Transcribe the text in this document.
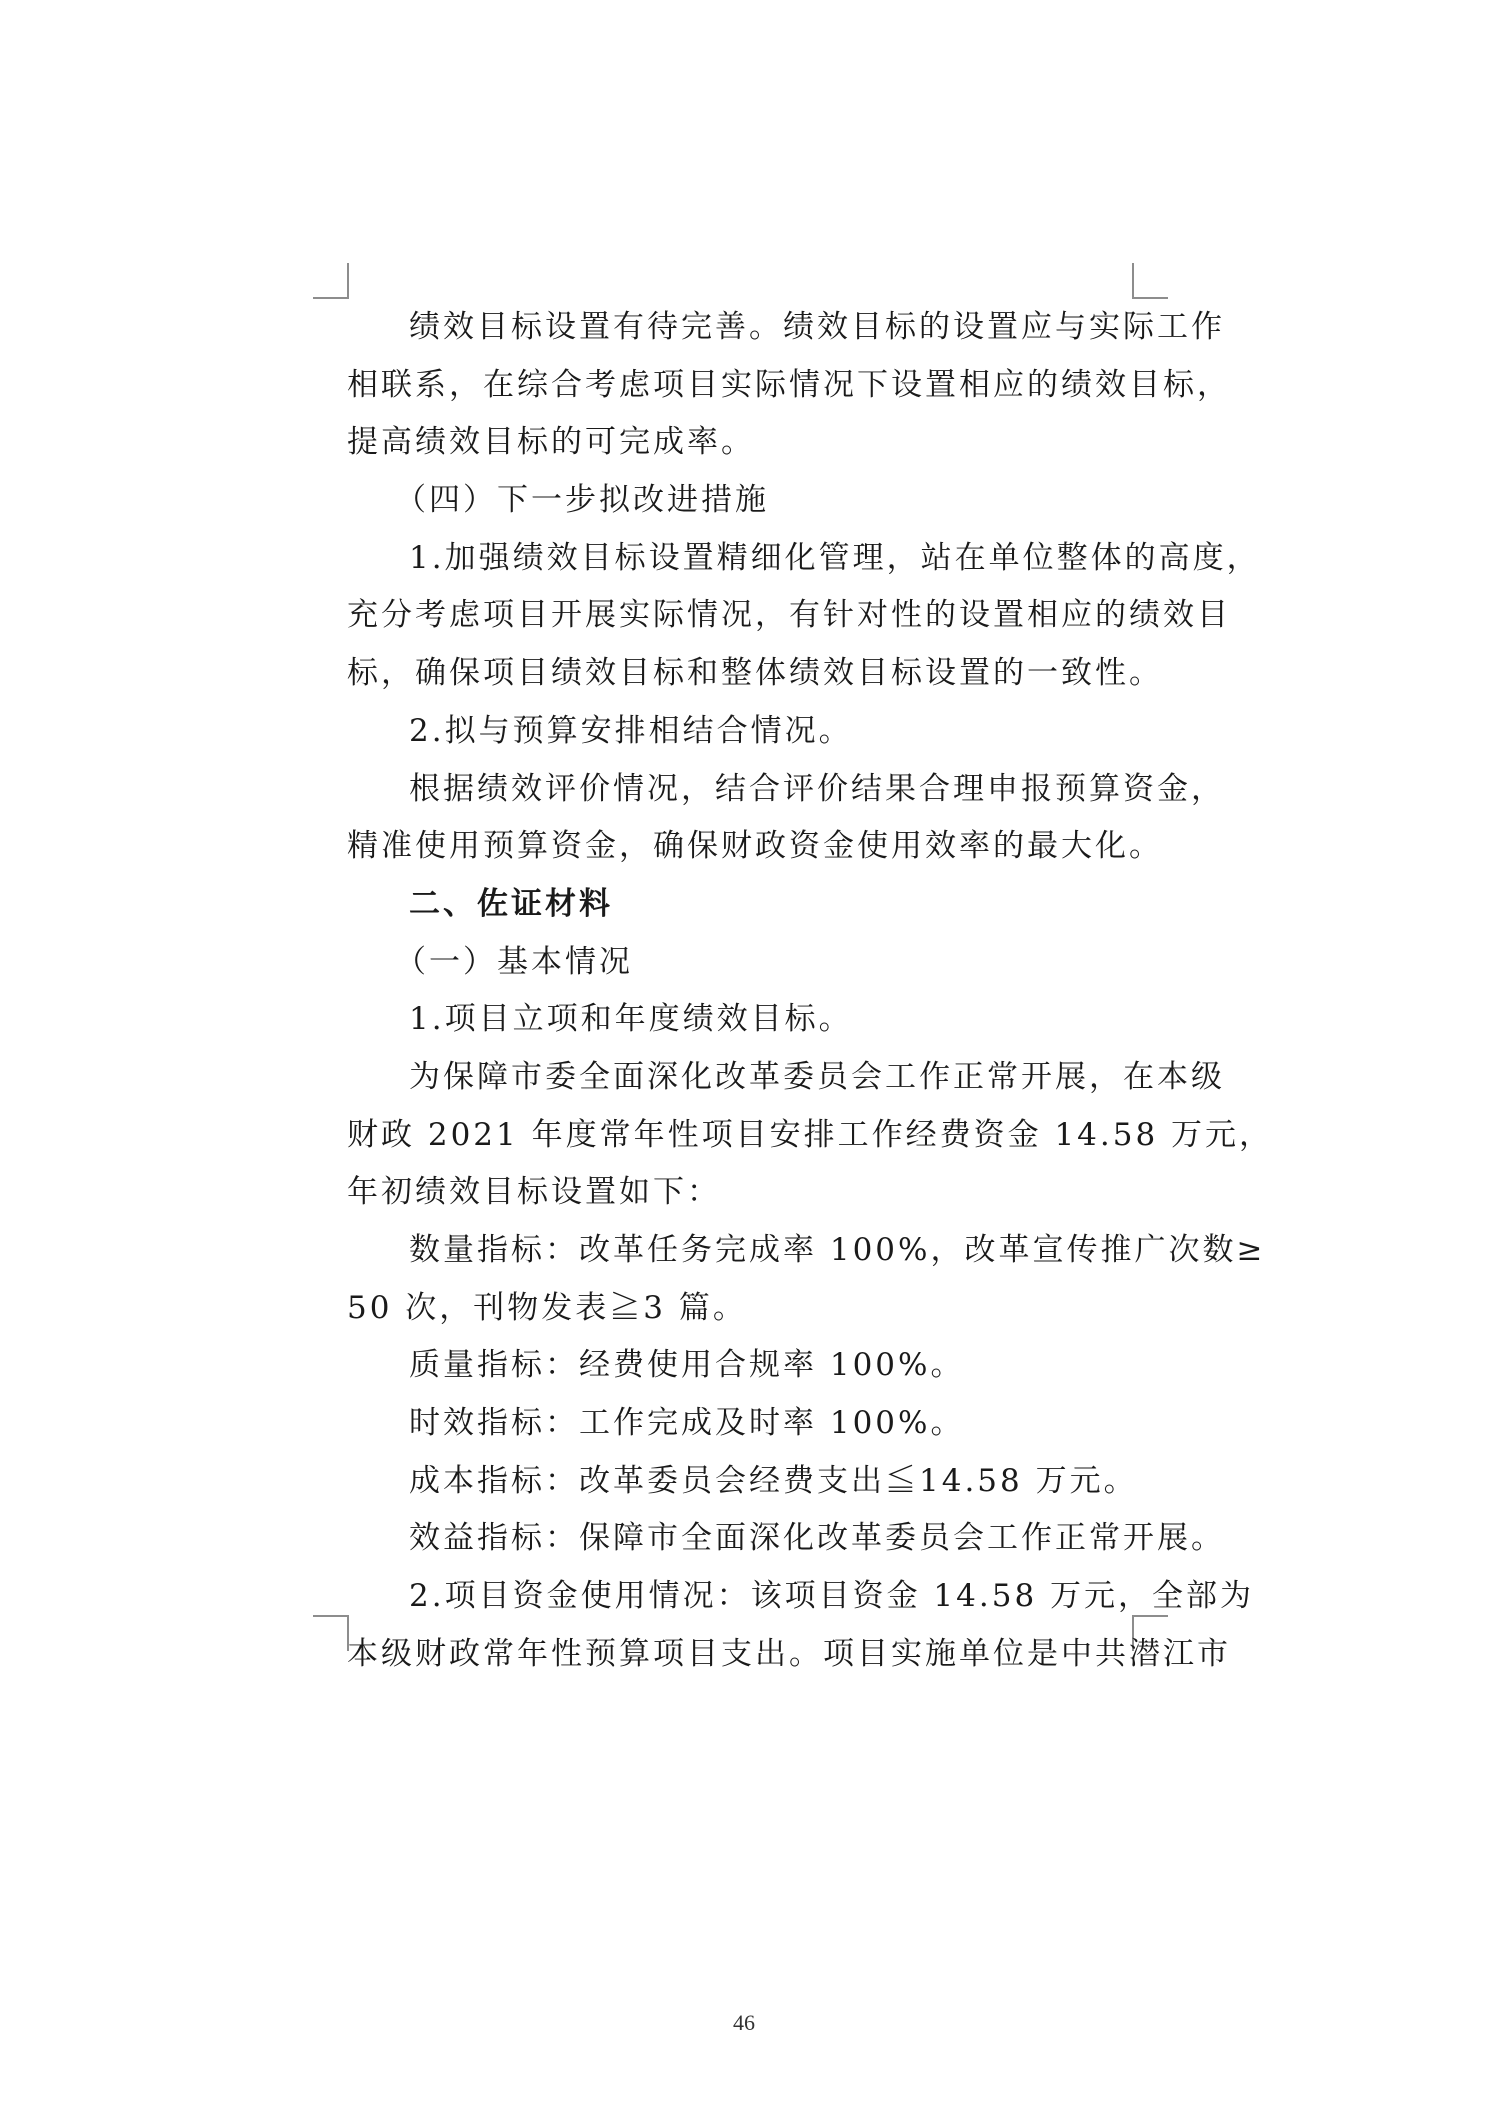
绩效目标设置有待完善。绩效目标的设置应与实际工作
相联系，在综合考虑项目实际情况下设置相应的绩效目标，
提高绩效目标的可完成率。
（四）下一步拟改进措施
1.加强绩效目标设置精细化管理，站在单位整体的高度，
充分考虑项目开展实际情况，有针对性的设置相应的绩效目
标，确保项目绩效目标和整体绩效目标设置的一致性。
2.拟与预算安排相结合情况。
根据绩效评价情况，结合评价结果合理申报预算资金，
精准使用预算资金，确保财政资金使用效率的最大化。
二、佐证材料
（一）基本情况
1.项目立项和年度绩效目标。
为保障市委全面深化改革委员会工作正常开展，在本级
财政 2021 年度常年性项目安排工作经费资金 14.58 万元，
年初绩效目标设置如下：
数量指标：改革任务完成率 100%，改革宣传推广次数≥
50 次，刊物发表≧3 篇。
质量指标：经费使用合规率 100%。
时效指标：工作完成及时率 100%。
成本指标：改革委员会经费支出≦14.58 万元。
效益指标：保障市全面深化改革委员会工作正常开展。
2.项目资金使用情况：该项目资金 14.58 万元，全部为
本级财政常年性预算项目支出。项目实施单位是中共潜江市
46
